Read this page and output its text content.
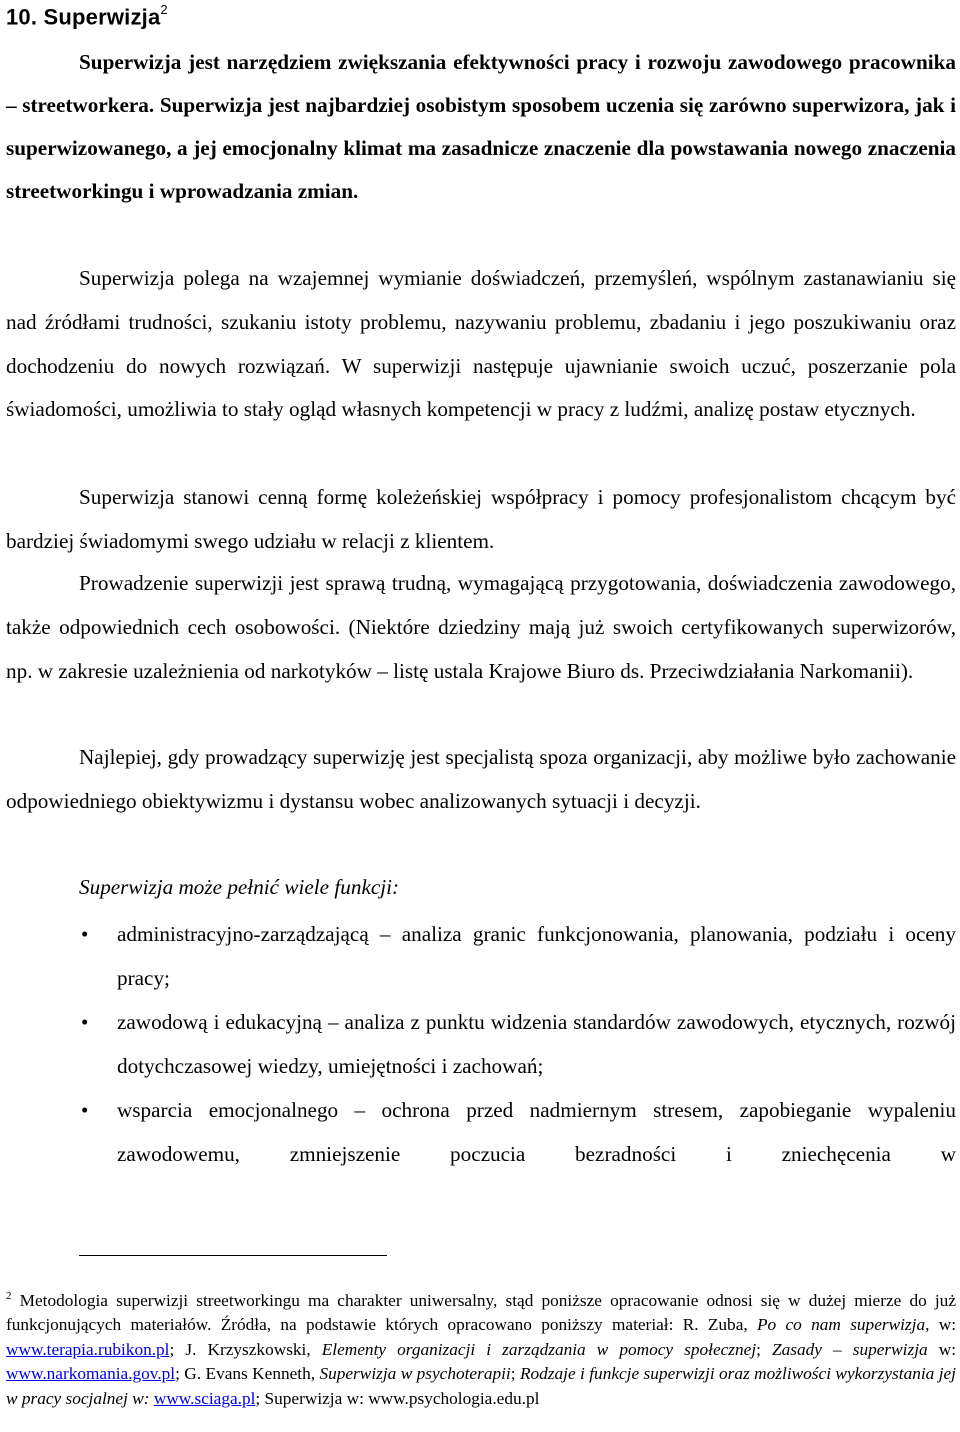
10. Superwizja$^2$

Superwizja jest narzędziem zwiększania efektywności pracy i rozwoju zawodowego pracownika – streetworkera. Superwizja jest najbardziej osobistym sposobem uczenia się zarówno superwizora, jak i superwizowanego, a jej emocjonalny klimat ma zasadnicze znaczenie dla powstawania nowego znaczenia streetworkingu i wprowadzania zmian.

Superwizja polega na wzajemnej wymianie doświadczeń, przemyśleń, wspólnym zastanawianiu się nad źródłami trudności, szukaniu istoty problemu, nazywaniu problemu, zbadaniu i jego poszukiwaniu oraz dochodzeniu do nowych rozwiązań. W superwizji następuje ujawnianie swoich uczuć, poszerzanie pola świadomości, umożliwia to stały ogląd własnych kompetencji w pracy z ludźmi, analizę postaw etycznych.

Superwizja stanowi cenną formę koleżeńskiej współpracy i pomocy profesjonalistom chcącym być bardziej świadomymi swego udziału w relacji z klientem.

Prowadzenie superwizji jest sprawą trudną, wymagającą przygotowania, doświadczenia zawodowego, także odpowiednich cech osobowości. (Niektóre dziedziny mają już swoich certyfikowanych superwizorów, np. w zakresie uzależnienia od narkotyków – listę ustala Krajowe Biuro ds. Przeciwdziałania Narkomanii).

Najlepiej, gdy prowadzący superwizję jest specjalistą spoza organizacji, aby możliwe było zachowanie odpowiedniego obiektywizmu i dystansu wobec analizowanych sytuacji i decyzji.

Superwizja może pełnić wiele funkcji:

• administracyjno-zarządzającą – analiza granic funkcjonowania, planowania, podziału i oceny pracy;
• zawodową i edukacyjną – analiza z punktu widzenia standardów zawodowych, etycznych, rozwój dotychczasowej wiedzy, umiejętności i zachowań;
• wsparcia emocjonalnego – ochrona przed nadmiernym stresem, zapobieganie wypaleniu zawodowemu, zmniejszenie poczucia bezradności i zniechęcenia w
$^2$ Metodologia superwizji streetworkingu ma charakter uniwersalny, stąd poniższe opracowanie odnosi się w dużej mierze do już funkcjonujących materiałów. Źródła, na podstawie których opracowano poniższy materiał: R. Zuba, Po co nam superwizja, w: www.terapia.rubikon.pl; J. Krzyszkowski, Elementy organizacji i zarządzania w pomocy społecznej; Zasady – superwizja w: www.narkomania.gov.pl; G. Evans Kenneth, Superwizja w psychoterapii; Rodzaje i funkcje superwizji oraz możliwości wykorzystania jej w pracy socjalnej w: www.sciaga.pl; Superwizja w: www.psychologia.edu.pl
